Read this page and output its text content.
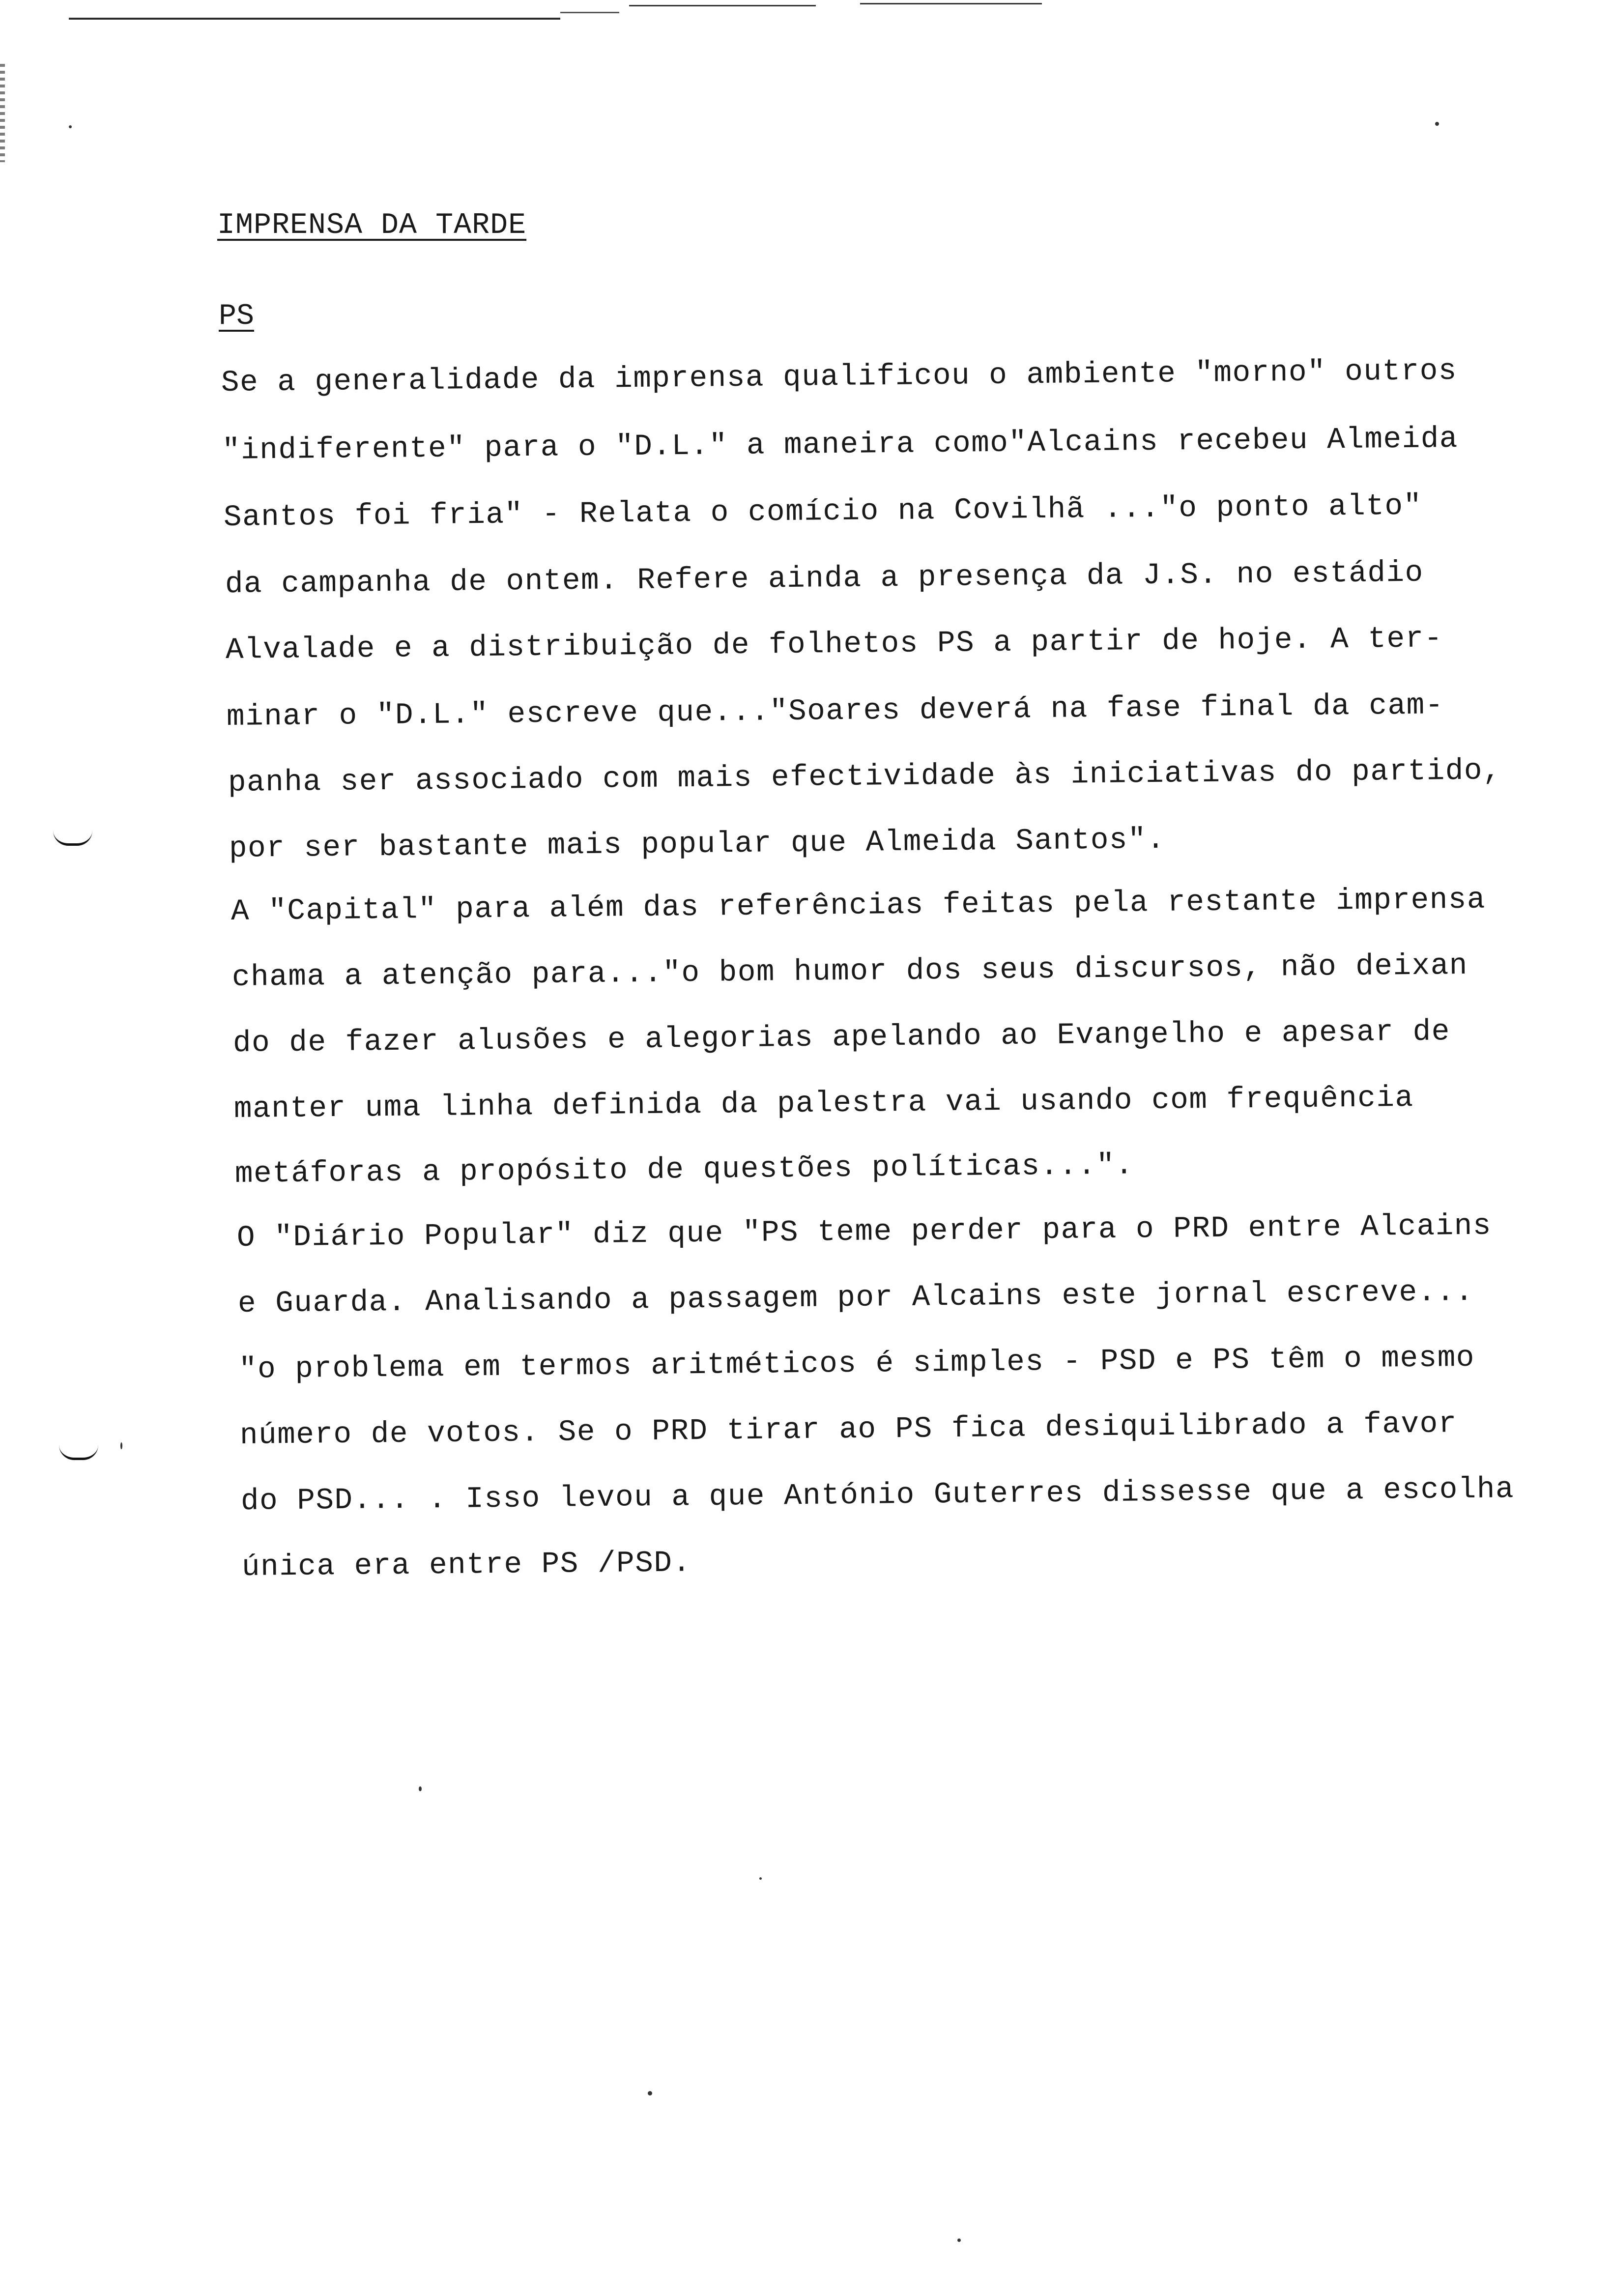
IMPRENSA DA TARDE
PS
Se a generalidade da imprensa qualificou o ambiente "morno" outros
"indiferente" para o "D.L." a maneira como"Alcains recebeu Almeida
Santos foi fria" - Relata o comício na Covilhã ..."o ponto alto"
da campanha de ontem. Refere ainda a presença da J.S. no estádio
Alvalade e a distribuição de folhetos PS a partir de hoje. A ter-
minar o "D.L." escreve que..."Soares deverá na fase final da cam-
panha ser associado com mais efectividade às iniciativas do partido,
por ser bastante mais popular que Almeida Santos".
A "Capital" para além das referências feitas pela restante imprensa
chama a atenção para..."o bom humor dos seus discursos, não deixan
do de fazer alusões e alegorias apelando ao Evangelho e apesar de
manter uma linha definida da palestra vai usando com frequência
metáforas a propósito de questões políticas...".
O "Diário Popular" diz que "PS teme perder para o PRD entre Alcains
e Guarda. Analisando a passagem por Alcains este jornal escreve...
"o problema em termos aritméticos é simples - PSD e PS têm o mesmo
número de votos. Se o PRD tirar ao PS fica desiquilibrado a favor
do PSD... . Isso levou a que António Guterres dissesse que a escolha
única era entre PS /PSD.
